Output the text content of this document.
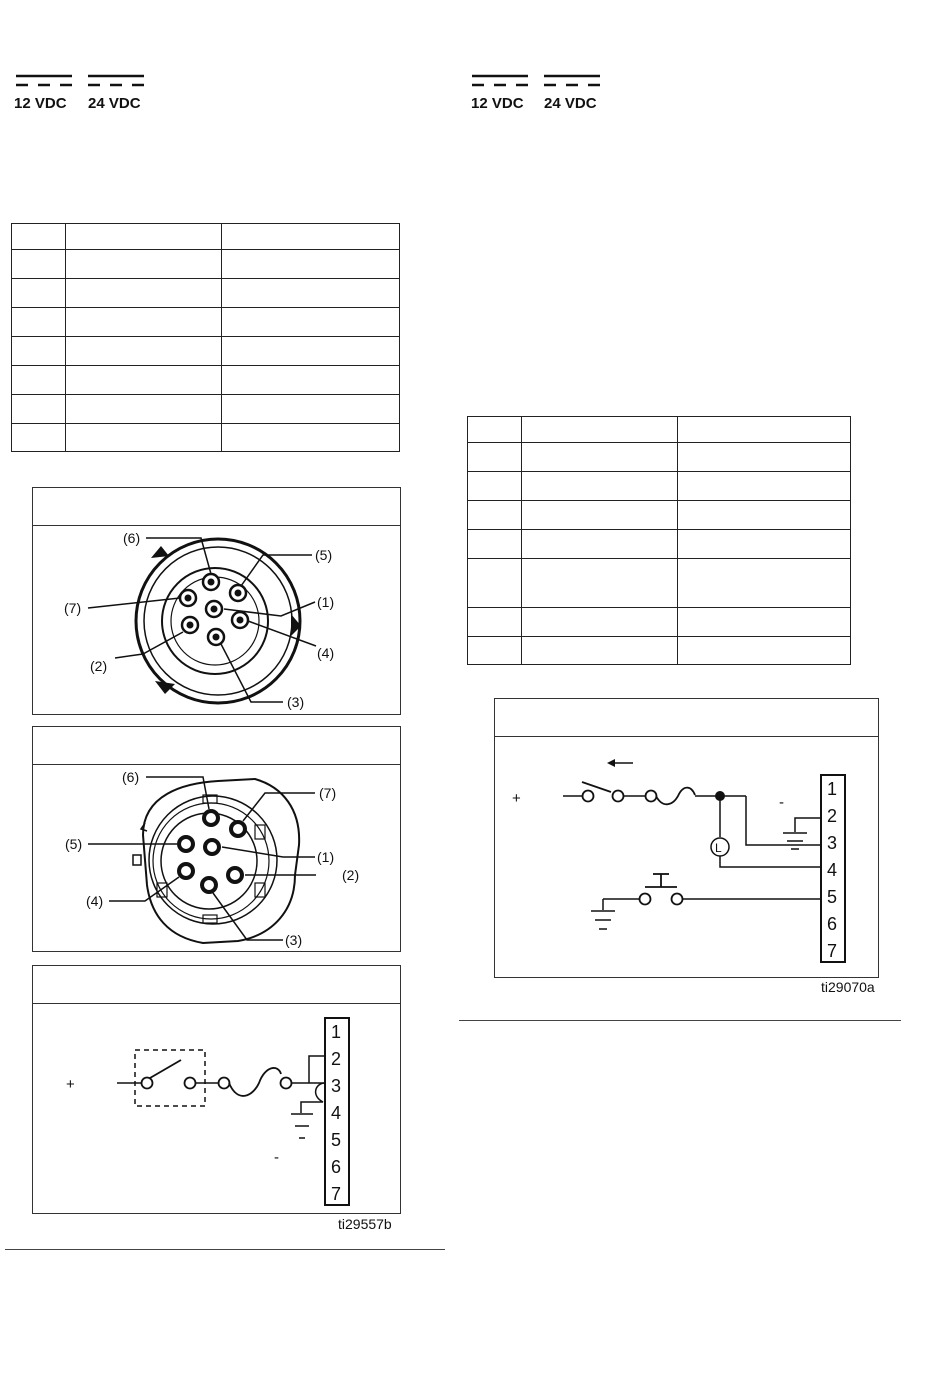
12 VDC 24 VDC	12 VDC 24 VDC

(6)
(5)
(7)	(1)
(4)
(2)
(3)
(6)
(7)
(5)
(1)
(2)
(4)
(3)
+
-
1
2
3
4
5
6
7
ti29557b
+	-
L
1
2
3
4
5
6
7
ti29070a
